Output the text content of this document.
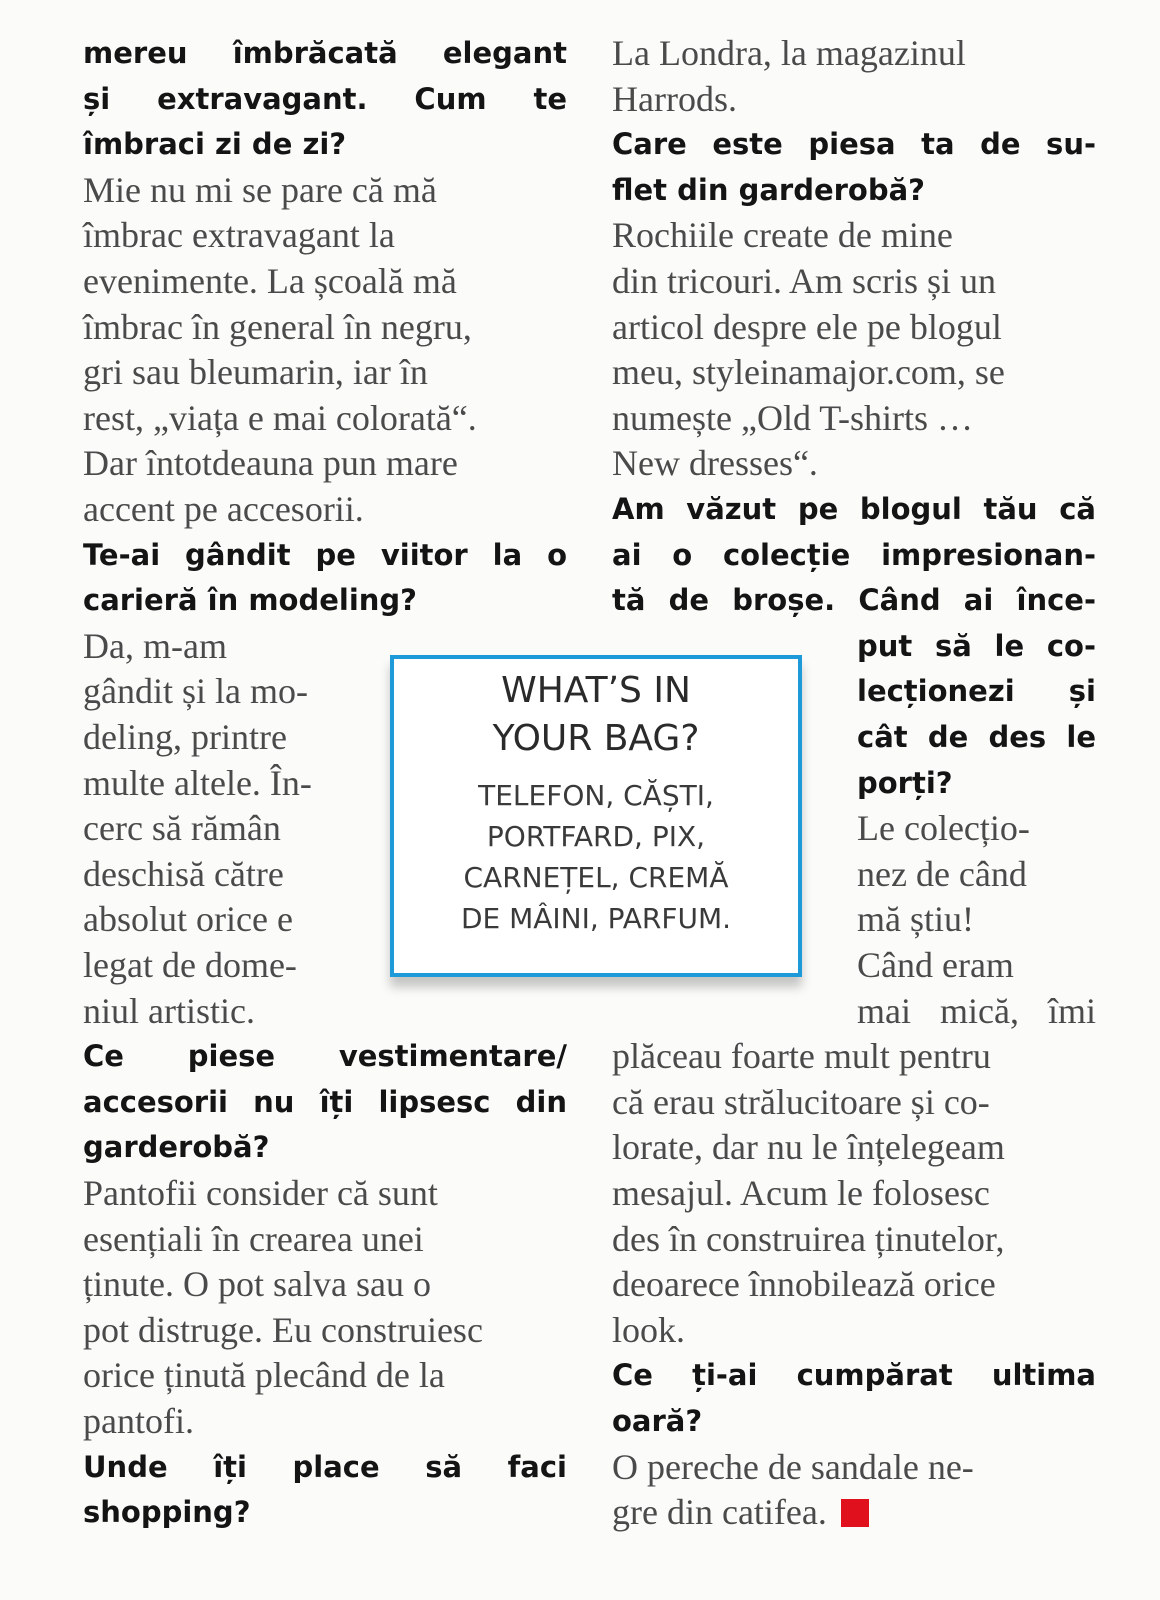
mereu îmbrăcată elegant
și extravagant. Cum te
îmbraci zi de zi?
Mie nu mi se pare că mă
îmbrac extravagant la
evenimente. La școală mă
îmbrac în general în negru,
gri sau bleumarin, iar în
rest, „viața e mai colorată“.
Dar întotdeauna pun mare
accent pe accesorii.
Te-ai gândit pe viitor la o
carieră în modeling?
Da, m-am
gândit și la mo-
deling, printre
multe altele. În-
cerc să rămân
deschisă către
absolut orice e
legat de dome-
niul artistic.
Ce piese vestimentare/
accesorii nu îți lipsesc din
garderobă?
Pantofii consider că sunt
esențiali în crearea unei
ținute. O pot salva sau o
pot distruge. Eu construiesc
orice ținută plecând de la
pantofi.
Unde îți place să faci
shopping?
La Londra, la magazinul
Harrods.
Care este piesa ta de su-
flet din garderobă?
Rochiile create de mine
din tricouri. Am scris și un
articol despre ele pe blogul
meu, styleinamajor.com, se
numește „Old T-shirts …
New dresses“.
Am văzut pe blogul tău că
ai o colecție impresionan-
tă de broșe. Când ai înce-
put să le co-
lecționezi și
cât de des le
porți?
Le colecțio-
nez de când
mă știu!
Când eram
mai mică, îmi
plăceau foarte mult pentru
că erau strălucitoare și co-
lorate, dar nu le înțelegeam
mesajul. Acum le folosesc
des în construirea ținutelor,
deoarece înnobilează orice
look.
Ce ți-ai cumpărat ultima
oară?
O pereche de sandale ne-
gre din catifea.
WHAT’S IN
YOUR BAG?
TELEFON, CĂȘTI,
PORTFARD, PIX,
CARNEȚEL, CREMĂ
DE MÂINI, PARFUM.
